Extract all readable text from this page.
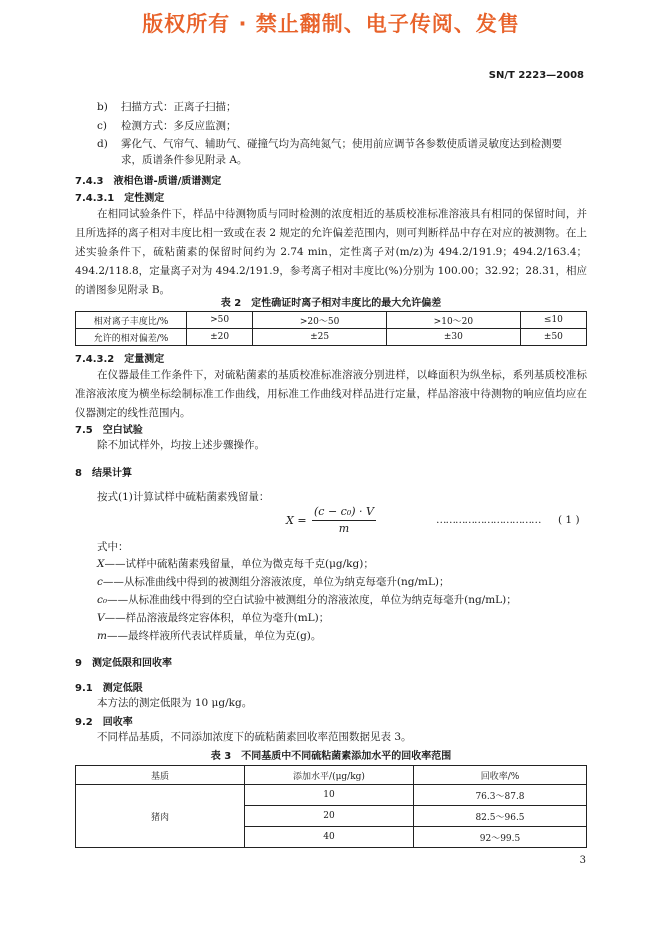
版权所有 · 禁止翻制、电子传阅、发售
SN/T 2223—2008
b) 扫描方式：正离子扫描；
c) 检测方式：多反应监测；
d) 雾化气、气帘气、辅助气、碰撞气均为高纯氮气；使用前应调节各参数使质谱灵敏度达到检测要
求，质谱条件参见附录 A。
7.4.3　液相色谱-质谱/质谱测定
7.4.3.1　定性测定
在相同试验条件下，样品中待测物质与同时检测的浓度相近的基质校准标准溶液具有相同的保留时间，并且所选择的离子相对丰度比相一致或在表 2 规定的允许偏差范围内，则可判断样品中存在对应的被测物。在上述实验条件下，硫粘菌素的保留时间约为 2.74 min，定性离子对(m/z)为 494.2/191.9；494.2/163.4；494.2/118.8，定量离子对为 494.2/191.9，参考离子相对丰度比(%)分别为 100.00；32.92；28.31，相应的谱图参见附录 B。
表 2　定性确证时离子相对丰度比的最大允许偏差
相对离子丰度比/%	>50	>20～50	>10～20	≤10
允许的相对偏差/%	±20	±25	±30	±50
7.4.3.2　定量测定
在仪器最佳工作条件下，对硫粘菌素的基质校准标准溶液分别进样，以峰面积为纵坐标，系列基质校准标准溶液浓度为横坐标绘制标准工作曲线，用标准工作曲线对样品进行定量，样品溶液中待测物的响应值均应在仪器测定的线性范围内。
7.5　空白试验
除不加试样外，均按上述步骤操作。
8　结果计算
按式(1)计算试样中硫粘菌素残留量：
X =
(c − c₀) · V
m
…………………………… ( 1 )
式中：
X——试样中硫粘菌素残留量，单位为微克每千克(μg/kg)；
c——从标准曲线中得到的被测组分溶液浓度，单位为纳克每毫升(ng/mL)；
c₀——从标准曲线中得到的空白试验中被测组分的溶液浓度，单位为纳克每毫升(ng/mL)；
V——样品溶液最终定容体积，单位为毫升(mL)；
m——最终样液所代表试样质量，单位为克(g)。
9　测定低限和回收率
9.1　测定低限
本方法的测定低限为 10 μg/kg。
9.2　回收率
不同样品基质，不同添加浓度下的硫粘菌素回收率范围数据见表 3。
表 3　不同基质中不同硫粘菌素添加水平的回收率范围
基质	添加水平/(μg/kg)	回收率/%
猪肉	10	76.3～87.8
	20	82.5～96.5
	40	92～99.5
3
